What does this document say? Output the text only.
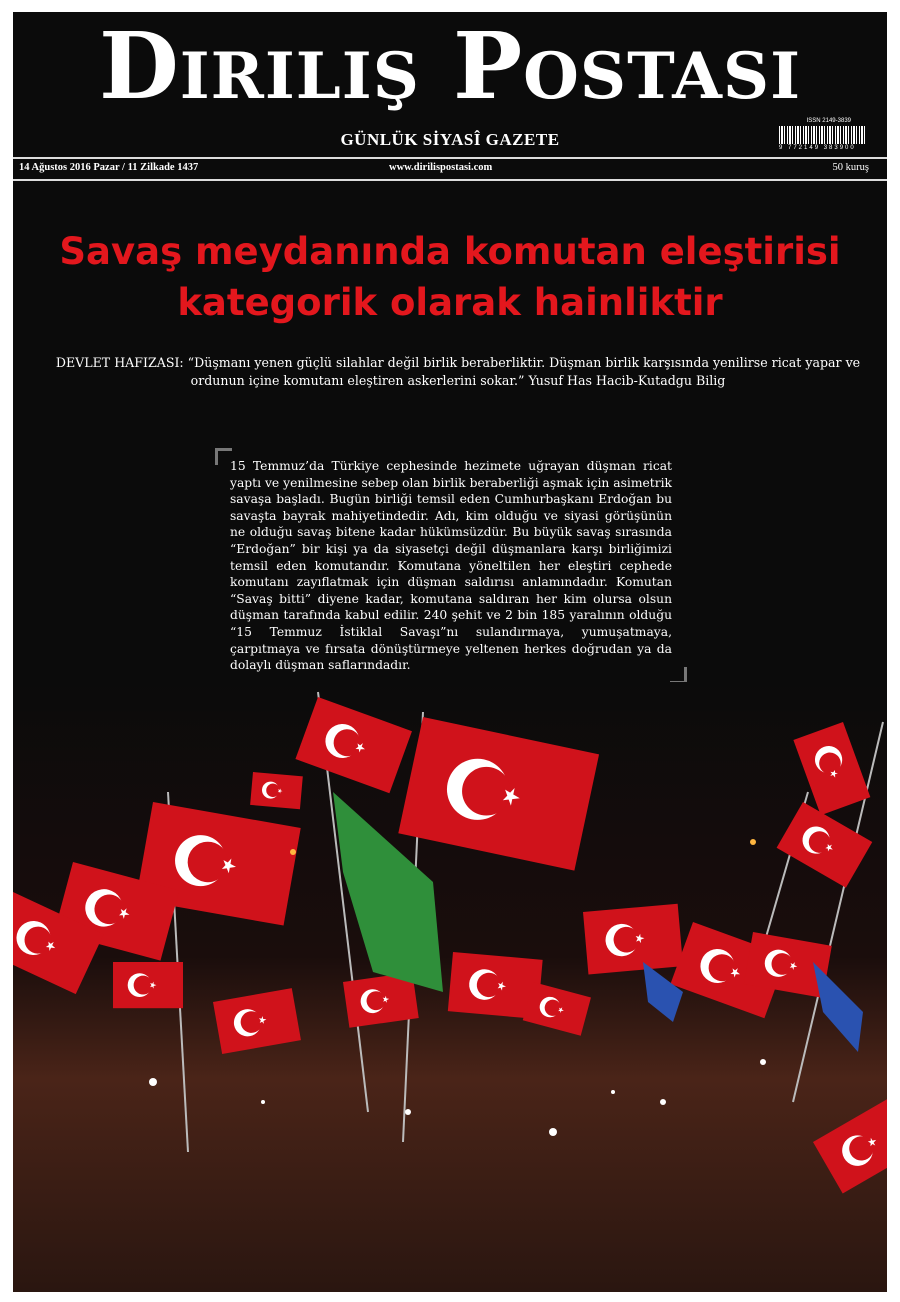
Diriliş Postası
GÜNLÜK SİYASÎ GAZETE	9 772149 383900
ISSN 2149-3839
14 Ağustos 2016 Pazar / 11 Zilkade 1437	www.dirilispostasi.com	50 kuruş
Savaş meydanında komutan eleştirisi
kategorik olarak hainliktir
DEVLET HAFIZASI: “Düşmanı yenen güçlü silahlar değil birlik beraberliktir. Düşman birlik karşısında yenilirse ricat yapar ve ordunun içine komutanı eleştiren askerlerini sokar.” Yusuf Has Hacib-Kutadgu Bilig
15 Temmuz’da Türkiye cephesinde hezimete uğrayan düşman ricat yaptı ve yenilmesine sebep olan birlik beraberliği aşmak için asimetrik savaşa başladı. Bugün birliği temsil eden Cumhurbaşkanı Erdoğan bu savaşta bayrak mahiyetindedir. Adı, kim olduğu ve siyasi görüşünün ne olduğu savaş bitene kadar hükümsüzdür. Bu büyük savaş sırasında “Erdoğan” bir kişi ya da siyasetçi değil düşmanlara karşı birliğimizi temsil eden komutandır. Komutana yöneltilen her eleştiri cephede komutanı zayıflatmak için düşman saldırısı anlamındadır. Komutan “Savaş bitti” diyene kadar, komutana saldıran her kim olursa olsun düşman tarafında kabul edilir. 240 şehit ve 2 bin 185 yaralının olduğu “15 Temmuz İstiklal Savaşı”nı sulandırmaya, yumuşatmaya, çarpıtmaya ve fırsata dönüştürmeye yeltenen herkes doğrudan ya da dolaylı düşman saflarındadır.
